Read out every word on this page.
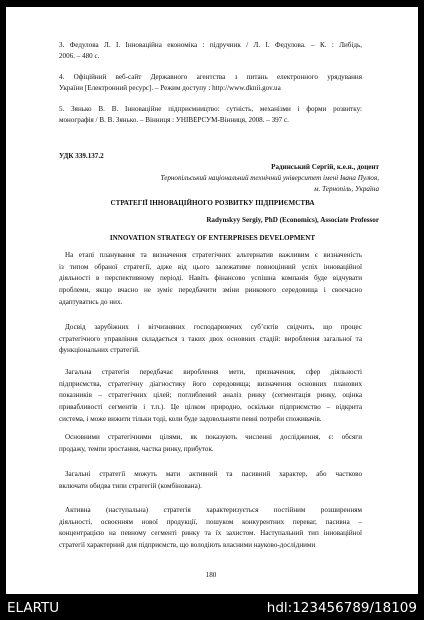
3. Федулова Л. І. Інноваційна економіка : підручник / Л. І. Федулова. – К. : Либідь,
2006. – 480 с.
4. Офіційний веб-сайт Державного агентства з питань електронного урядування
України [Електронний ресурс]. – Режим доступу : http://www.dknii.gov.ua
5. Зянько В. В. Інноваційне підприємництво: сутність, механізми і форми розвитку:
монографія / В. В. Зянько. – Вінниця : УНІВЕРСУМ-Вінниця, 2008. – 397 с.
УДК 339.137.2
Радинський Сергій, к.е.н., доцент
Тернопільський національний технічний університет імені Івана Пулюя,
м. Тернопіль, Україна
СТРАТЕГІЇ ІННОВАЦІЙНОГО РОЗВИТКУ ПІДПРИЄМСТВА
Radynskyy Sergiy, PhD (Economics), Associate Professor
INNOVATION STRATEGY OF ENTERPRISES DEVELOPMENT
На етапі планування та визначення стратегічних альтернатив важливим є визначеність
із типом обраної стратегії, адже від цього залежатиме повноцінний успіх інноваційної
діяльності в перспективному періоді. Навіть фінансово успішна компанія буде відчувати
проблеми, якщо вчасно не зуміє передбачити зміни ринкового середовища і своєчасно
адаптуватись до них.
Досвід зарубіжних і вітчизняних господарюючих суб’єктів свідчить, що процес
стратегічного управління складається з таких двох основних стадій: вироблення загальної та
функціональних стратегій.
Загальна стратегія передбачає вироблення мети, призначення, сфер діяльності
підприємства, стратегічну діагностику його середовища; визначення основних планових
показників – стратегічних цілей; поглиблений аналіз ринку (сегментація ринку, оцінка
привабливості сегментів і т.п.). Це цілком природно, оскільки підприємство – відкрита
система, і може вижити тільки тоді, коли буде задовольняти певні потреби споживачів.
Основними стратегічними цілями, як показують численні дослідження, є: обсяги
продажу, темпи зростання, частка ринку, прибуток.
Загальні стратегії можуть мати активний та пасивний характер, або частково
включати обидва типи стратегій (комбінована).
Активна (наступальна) стратегія характеризується постійним розширенням
діяльності, освоєнням нової продукції, пошуком конкурентних переваг, пасивна –
концентрацією на певному сегменті ринку та їх захистом. Наступальний тип інноваційної
стратегії характерний для підприємств, що володіють власними науково-дослідними
180
ELARTU	hdl:123456789/18109
